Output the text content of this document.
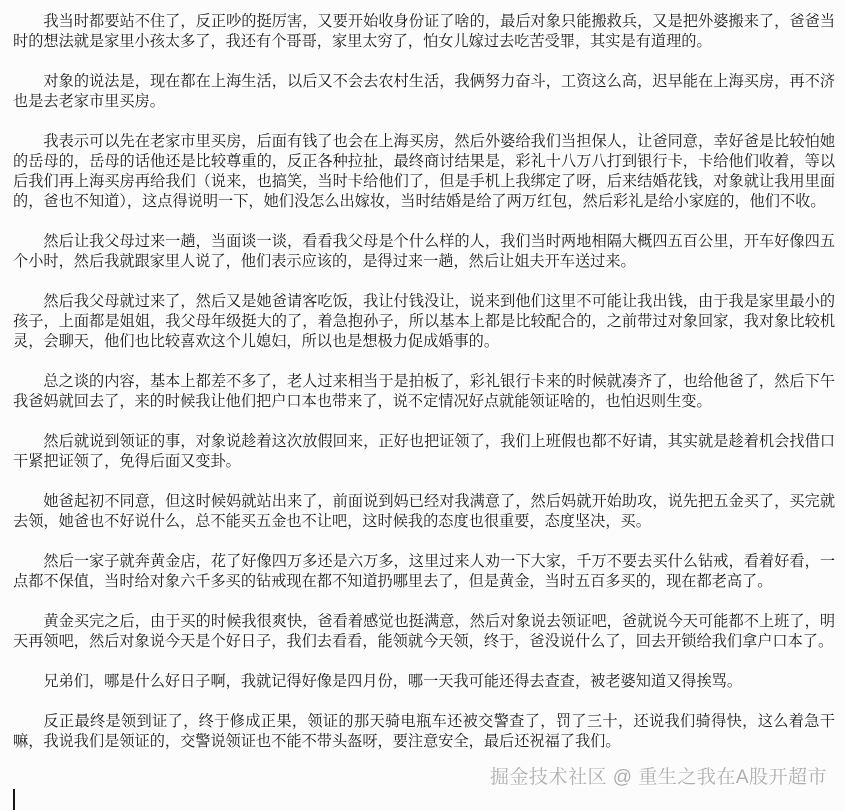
我当时都要站不住了，反正吵的挺厉害，又要开始收身份证了啥的，最后对象只能搬救兵，又是把外婆搬来了，爸爸当时的想法就是家里小孩太多了，我还有个哥哥，家里太穷了，怕女儿嫁过去吃苦受罪，其实是有道理的。

对象的说法是，现在都在上海生活，以后又不会去农村生活，我俩努力奋斗，工资这么高，迟早能在上海买房，再不济也是去老家市里买房。

我表示可以先在老家市里买房，后面有钱了也会在上海买房，然后外婆给我们当担保人，让爸同意，幸好爸是比较怕她的岳母的，岳母的话他还是比较尊重的，反正各种拉扯，最终商讨结果是，彩礼十八万八打到银行卡，卡给他们收着，等以后我们再上海买房再给我们（说来，也搞笑，当时卡给他们了，但是手机上我绑定了呀，后来结婚花钱，对象就让我用里面的，爸也不知道），这点得说明一下，她们没怎么出嫁妆，当时结婚是给了两万红包，然后彩礼是给小家庭的，他们不收。

然后让我父母过来一趟，当面谈一谈，看看我父母是个什么样的人，我们当时两地相隔大概四五百公里，开车好像四五个小时，然后我就跟家里人说了，他们表示应该的，是得过来一趟，然后让姐夫开车送过来。

然后我父母就过来了，然后又是她爸请客吃饭，我让付钱没让，说来到他们这里不可能让我出钱，由于我是家里最小的孩子，上面都是姐姐，我父母年级挺大的了，着急抱孙子，所以基本上都是比较配合的，之前带过对象回家，我对象比较机灵，会聊天，他们也比较喜欢这个儿媳妇，所以也是想极力促成婚事的。

总之谈的内容，基本上都差不多了，老人过来相当于是拍板了，彩礼银行卡来的时候就凑齐了，也给他爸了，然后下午我爸妈就回去了，来的时候我让他们把户口本也带来了，说不定情况好点就能领证啥的，也怕迟则生变。

然后就说到领证的事，对象说趁着这次放假回来，正好也把证领了，我们上班假也都不好请，其实就是趁着机会找借口干紧把证领了，免得后面又变卦。

她爸起初不同意，但这时候妈就站出来了，前面说到妈已经对我满意了，然后妈就开始助攻，说先把五金买了，买完就去领，她爸也不好说什么，总不能买五金也不让吧，这时候我的态度也很重要，态度坚决，买。

然后一家子就奔黄金店，花了好像四万多还是六万多，这里过来人劝一下大家，千万不要去买什么钻戒，看着好看，一点都不保值，当时给对象六千多买的钻戒现在都不知道扔哪里去了，但是黄金，当时五百多买的，现在都老高了。

黄金买完之后，由于买的时候我很爽快，爸看着感觉也挺满意，然后对象说去领证吧，爸就说今天可能都不上班了，明天再领吧，然后对象说今天是个好日子，我们去看看，能领就今天领，终于，爸没说什么了，回去开锁给我们拿户口本了。

兄弟们，哪是什么好日子啊，我就记得好像是四月份，哪一天我可能还得去查查，被老婆知道又得挨骂。

反正最终是领到证了，终于修成正果，领证的那天骑电瓶车还被交警查了，罚了三十，还说我们骑得快，这么着急干嘛，我说我们是领证的，交警说领证也不能不带头盔呀，要注意安全，最后还祝福了我们。

掘金技术社区 @ 重生之我在A股开超市
